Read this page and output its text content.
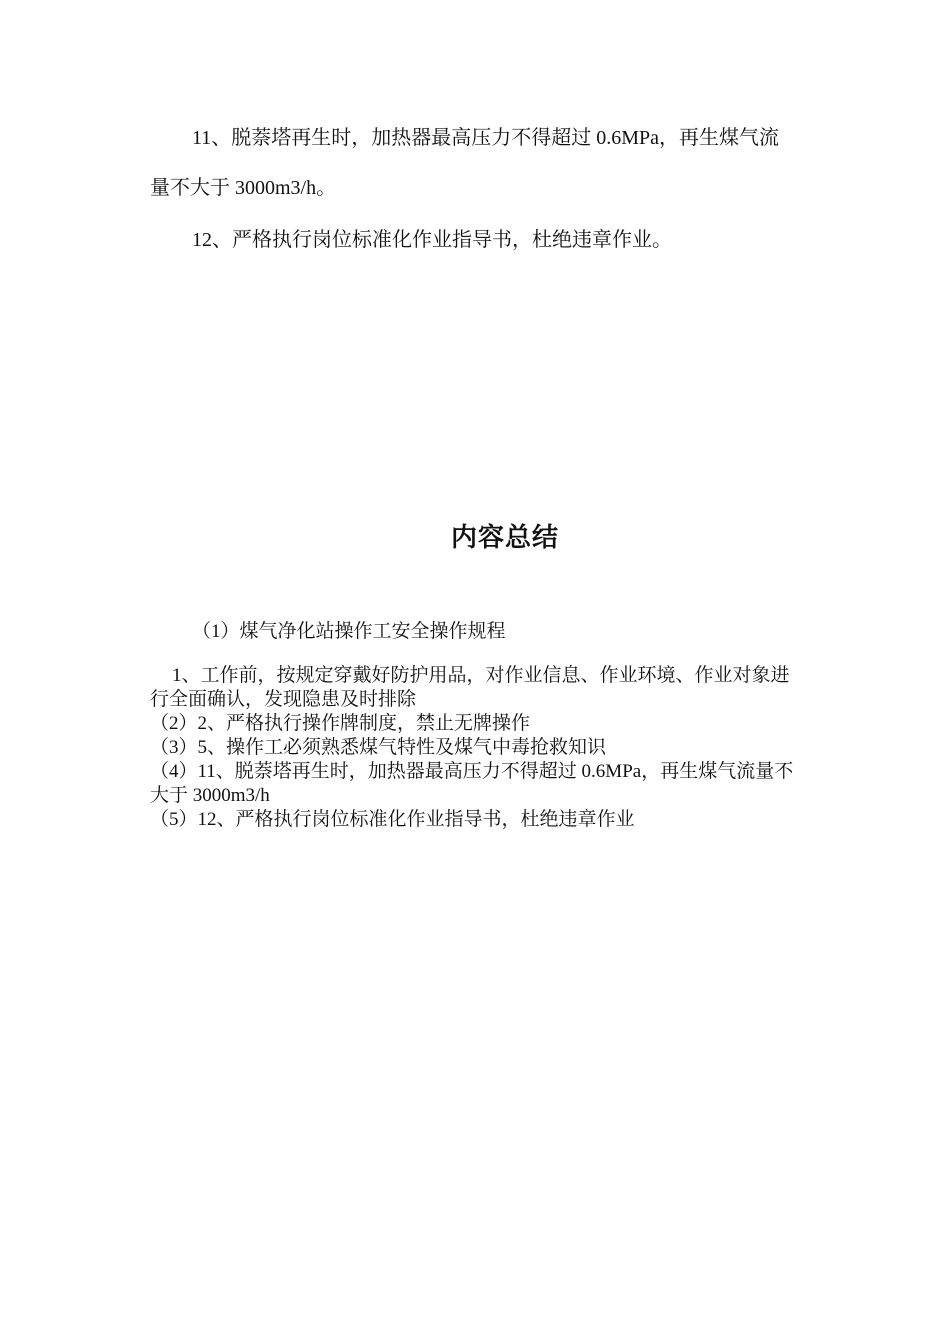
11、脱萘塔再生时，加热器最高压力不得超过 0.6MPa，再生煤气流量不大于 3000m3/h。

12、严格执行岗位标准化作业指导书，杜绝违章作业。

内容总结

（1）煤气净化站操作工安全操作规程

1、工作前，按规定穿戴好防护用品，对作业信息、作业环境、作业对象进行全面确认，发现隐患及时排除
（2）2、严格执行操作牌制度，禁止无牌操作
（3）5、操作工必须熟悉煤气特性及煤气中毒抢救知识
（4）11、脱萘塔再生时，加热器最高压力不得超过 0.6MPa，再生煤气流量不大于 3000m3/h
（5）12、严格执行岗位标准化作业指导书，杜绝违章作业
